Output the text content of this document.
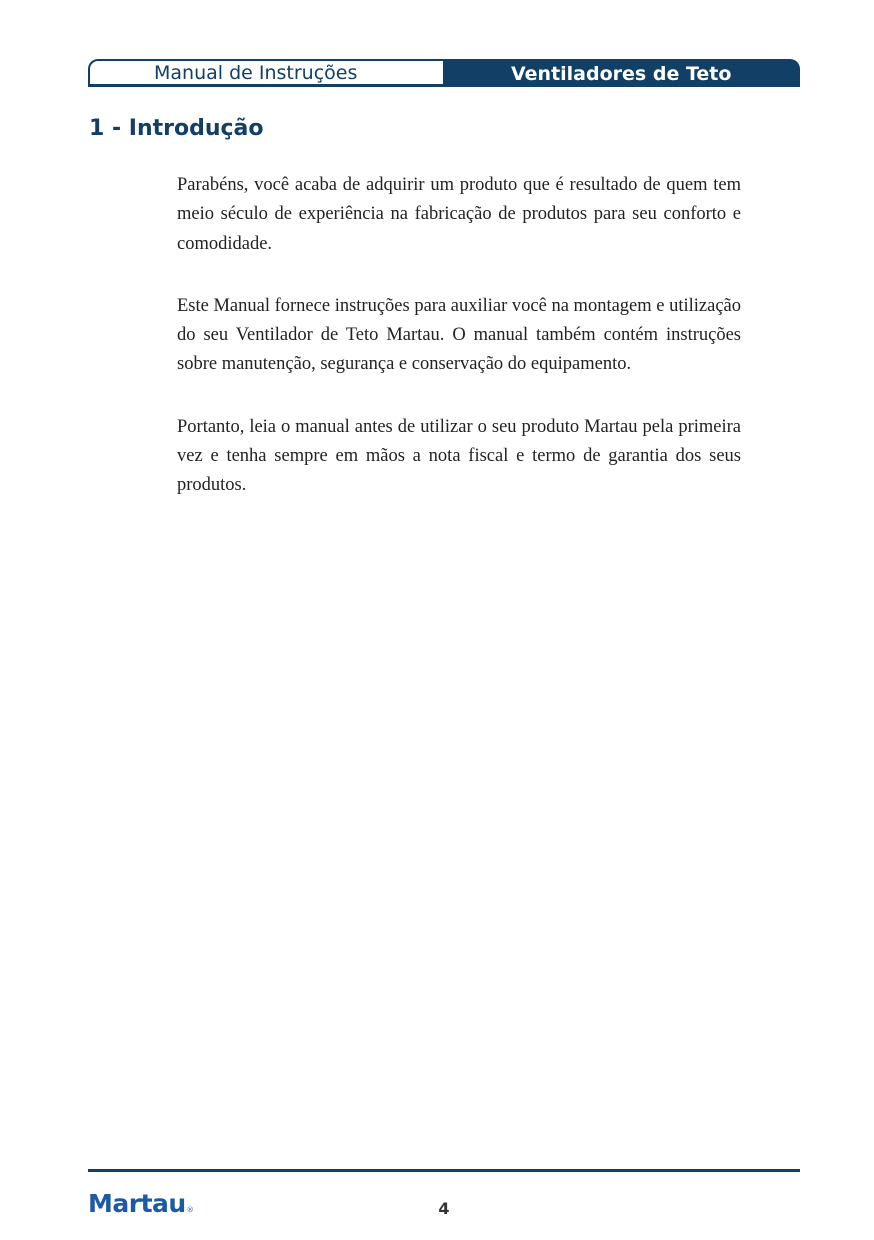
Manual de Instruções	Ventiladores de Teto
1 - Introdução

Parabéns, você acaba de adquirir um produto que é resultado de quem tem meio século de experiência na fabricação de produtos para seu conforto e comodidade.

Este Manual fornece instruções para auxiliar você na montagem e utilização do seu Ventilador de Teto Martau. O manual também contém instruções sobre manutenção, segurança e conservação do equipamento.

Portanto, leia o manual antes de utilizar o seu produto Martau pela primeira vez e tenha sempre em mãos a nota fiscal e termo de garantia dos seus produtos.

Martau®	4
